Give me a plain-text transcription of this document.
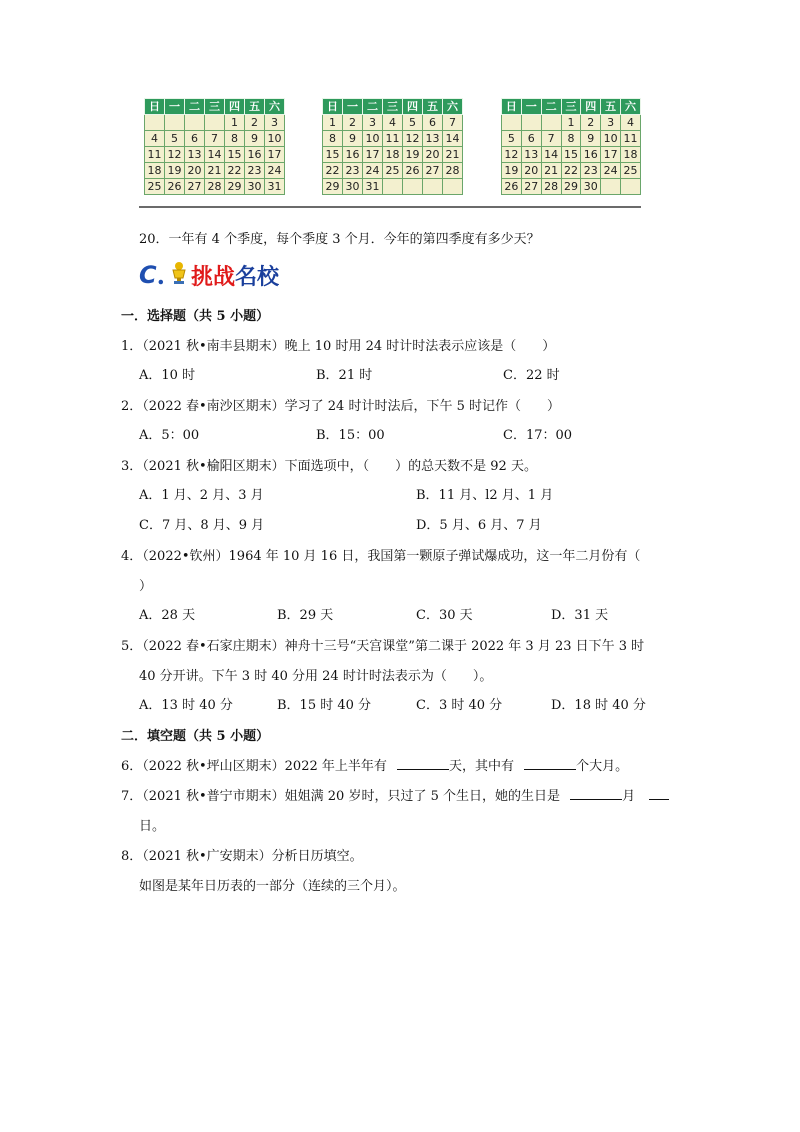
日	一	二	三	四	五	六
				1	2	3
4	5	6	7	8	9	10
11	12	13	14	15	16	17
18	19	20	21	22	23	24
25	26	27	28	29	30	31
日	一	二	三	四	五	六
1	2	3	4	5	6	7
8	9	10	11	12	13	14
15	16	17	18	19	20	21
22	23	24	25	26	27	28
29	30	31				
日	一	二	三	四	五	六
			1	2	3	4
5	6	7	8	9	10	11
12	13	14	15	16	17	18
19	20	21	22	23	24	25
26	27	28	29	30		
20．一年有 4 个季度，每个季度 3 个月．今年的第四季度有多少天？
C . 挑战 名校
一．选择题（共 5 小题）
1．（2021 秋•南丰县期末）晚上 10 时用 24 时计时法表示应该是（　　）
A．10 时	B．21 时	C．22 时
2．（2022 春•南沙区期末）学习了 24 时计时法后，下午 5 时记作（　　）
A．5：00	B．15：00	C．17：00
3．（2021 秋•榆阳区期末）下面选项中，（　　）的总天数不是 92 天。
A．1 月、2 月、3 月	B．11 月、l2 月、1 月
C．7 月、8 月、9 月	D．5 月、6 月、7 月
4．（2022•钦州）1964 年 10 月 16 日，我国第一颗原子弹试爆成功，这一年二月份有（
）
A．28 天	B．29 天	C．30 天	D．31 天
5．（2022 春•石家庄期末）神舟十三号“天宫课堂”第二课于 2022 年 3 月 23 日下午 3 时
40 分开讲。下午 3 时 40 分用 24 时计时法表示为（　　）。
A．13 时 40 分	B．15 时 40 分	C．3 时 40 分	D．18 时 40 分
二．填空题（共 5 小题）
6．（2022 秋•坪山区期末）2022 年上半年有	天，其中有	个大月。
7．（2021 秋•普宁市期末）姐姐满 20 岁时，只过了 5 个生日，她的生日是	月
日。
8．（2021 秋•广安期末）分析日历填空。
如图是某年日历表的一部分（连续的三个月）。
